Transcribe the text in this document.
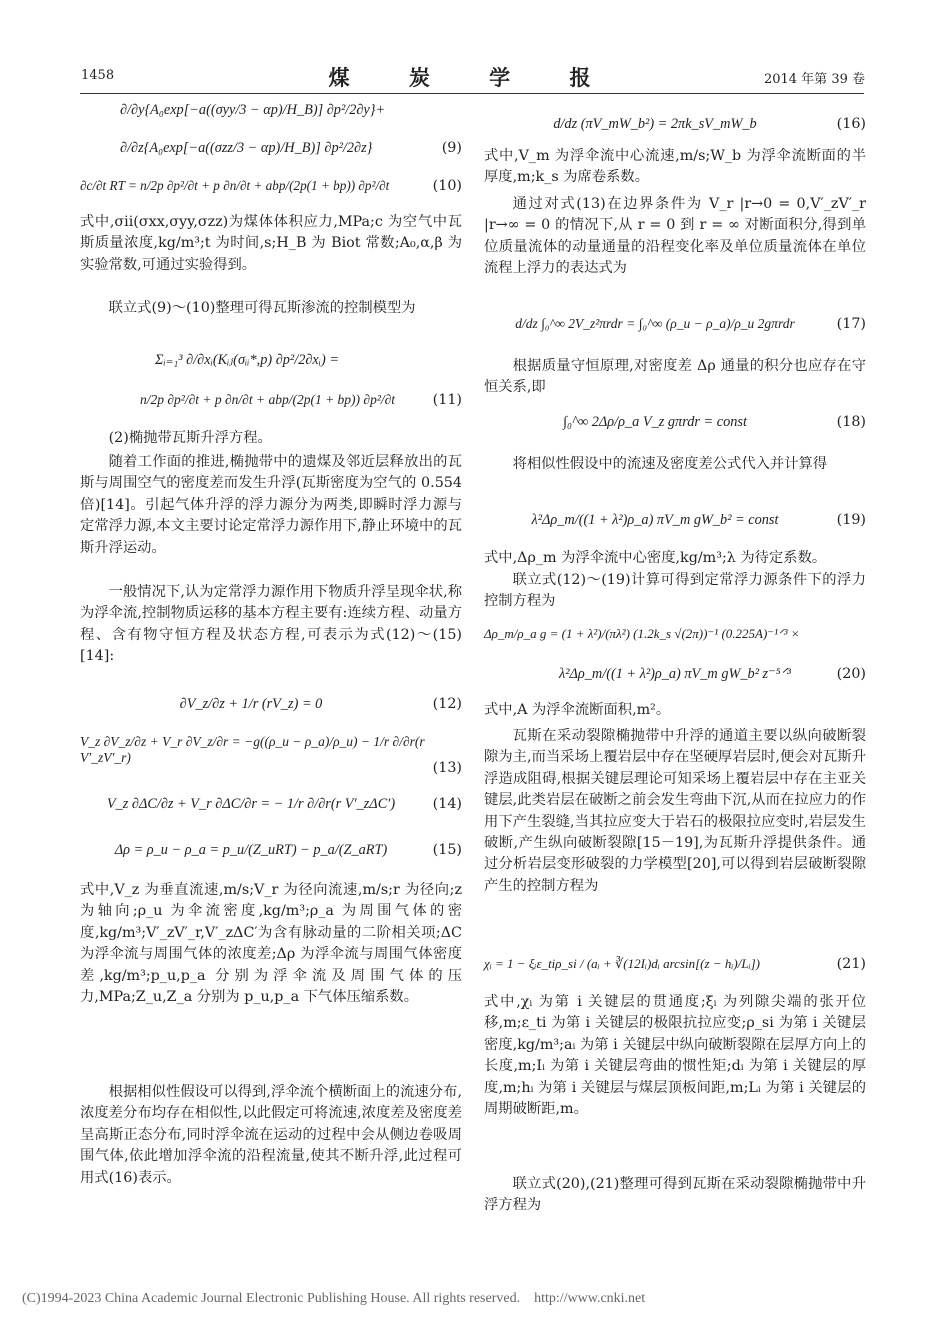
1458	煤 炭 学 报	2014 年第 39 卷
∂/∂y{A₀exp[−a((σyy/3 − αp)/H_B)] ∂p²/2∂y}+
∂/∂z{A₀exp[−a((σzz/3 − αp)/H_B)] ∂p²/2∂z}	(9)
∂c/∂t RT = n/2p ∂p²/∂t + p ∂n/∂t + abp/(2p(1 + bp)) ∂p²/∂t	(10)

式中,σii(σxx,σyy,σzz)为煤体体积应力,MPa;c 为空气中瓦斯质量浓度,kg/m³;t 为时间,s;H_B 为 Biot 常数;A₀,α,β 为实验常数,可通过实验得到。

联立式(9)～(10)整理可得瓦斯渗流的控制模型为

Σᵢ₌₁³ ∂/∂xᵢ(Kᵢⱼ(σᵢᵢ*,p) ∂p²/2∂xᵢ) =
n/2p ∂p²/∂t + p ∂n/∂t + abp/(2p(1 + bp)) ∂p²/∂t	(11)

(2)椭抛带瓦斯升浮方程。

随着工作面的推进,椭抛带中的遗煤及邻近层释放出的瓦斯与周围空气的密度差而发生升浮(瓦斯密度为空气的 0.554 倍)[14]。引起气体升浮的浮力源分为两类,即瞬时浮力源与定常浮力源,本文主要讨论定常浮力源作用下,静止环境中的瓦斯升浮运动。

一般情况下,认为定常浮力源作用下物质升浮呈现伞状,称为浮伞流,控制物质运移的基本方程主要有:连续方程、动量方程、含有物守恒方程及状态方程,可表示为式(12)～(15)[14]:

∂V_z/∂z + 1/r (rV_z) = 0	(12)
V_z ∂V_z/∂z + V_r ∂V_z/∂r = −g((ρ_u − ρ_a)/ρ_u) − 1/r ∂/∂r(r V′_zV′_r)
(13)
V_z ∂ΔC/∂z + V_r ∂ΔC/∂r = − 1/r ∂/∂r(r V′_zΔC′)	(14)
Δρ = ρ_u − ρ_a = p_u/(Z_uRT) − p_a/(Z_aRT)	(15)

式中,V_z 为垂直流速,m/s;V_r 为径向流速,m/s;r 为径向;z 为轴向;ρ_u 为伞流密度,kg/m³;ρ_a 为周围气体的密度,kg/m³;V′_zV′_r,V′_zΔC′为含有脉动量的二阶相关项;ΔC 为浮伞流与周围气体的浓度差;Δρ 为浮伞流与周围气体密度差,kg/m³;p_u,p_a 分别为浮伞流及周围气体的压力,MPa;Z_u,Z_a 分别为 p_u,p_a 下气体压缩系数。

根据相似性假设可以得到,浮伞流个横断面上的流速分布,浓度差分布均存在相似性,以此假定可将流速,浓度差及密度差呈高斯正态分布,同时浮伞流在运动的过程中会从侧边卷吸周围气体,依此增加浮伞流的沿程流量,使其不断升浮,此过程可用式(16)表示。

d/dz (πV_mW_b²) = 2πk_sV_mW_b	(16)

式中,V_m 为浮伞流中心流速,m/s;W_b 为浮伞流断面的半厚度,m;k_s 为席卷系数。

通过对式(13)在边界条件为 V_r |r→0 = 0,V′_zV′_r |r→∞ = 0 的情况下,从 r = 0 到 r = ∞ 对断面积分,得到单位质量流体的动量通量的沿程变化率及单位质量流体在单位流程上浮力的表达式为

d/dz ∫₀^∞ 2V_z²πrdr = ∫₀^∞ (ρ_u − ρ_a)/ρ_u 2gπrdr	(17)

根据质量守恒原理,对密度差 Δρ 通量的积分也应存在守恒关系,即

∫₀^∞ 2Δρ/ρ_a V_z gπrdr = const	(18)

将相似性假设中的流速及密度差公式代入并计算得

λ²Δρ_m/((1 + λ²)ρ_a) πV_m gW_b² = const	(19)

式中,Δρ_m 为浮伞流中心密度,kg/m³;λ 为待定系数。

联立式(12)～(19)计算可得到定常浮力源条件下的浮力控制方程为

Δρ_m/ρ_a g = (1 + λ²)/(πλ²) (1.2k_s √(2π))⁻¹ (0.225A)⁻¹ᐟ³ ×
λ²Δρ_m/((1 + λ²)ρ_a) πV_m gW_b² z⁻⁵ᐟ³	(20)

式中,A 为浮伞流断面积,m²。

瓦斯在采动裂隙椭抛带中升浮的通道主要以纵向破断裂隙为主,而当采场上覆岩层中存在坚硬厚岩层时,便会对瓦斯升浮造成阻碍,根据关键层理论可知采场上覆岩层中存在主亚关键层,此类岩层在破断之前会发生弯曲下沉,从而在拉应力的作用下产生裂缝,当其拉应变大于岩石的极限拉应变时,岩层发生破断,产生纵向破断裂隙[15－19],为瓦斯升浮提供条件。通过分析岩层变形破裂的力学模型[20],可以得到岩层破断裂隙产生的控制方程为

χᵢ = 1 − ξᵢε_tiρ_si / (aᵢ + ∛(12Iᵢ)dᵢ arcsin[(z − hᵢ)/Lᵢ])	(21)

式中,χᵢ 为第 i 关键层的贯通度;ξᵢ 为列隙尖端的张开位移,m;ε_ti 为第 i 关键层的极限抗拉应变;ρ_si 为第 i 关键层密度,kg/m³;aᵢ 为第 i 关键层中纵向破断裂隙在层厚方向上的长度,m;Iᵢ 为第 i 关键层弯曲的惯性矩;dᵢ 为第 i 关键层的厚度,m;hᵢ 为第 i 关键层与煤层顶板间距,m;Lᵢ 为第 i 关键层的周期破断距,m。

联立式(20),(21)整理可得到瓦斯在采动裂隙椭抛带中升浮方程为

(C)1994-2023 China Academic Journal Electronic Publishing House. All rights reserved.    http://www.cnki.net
